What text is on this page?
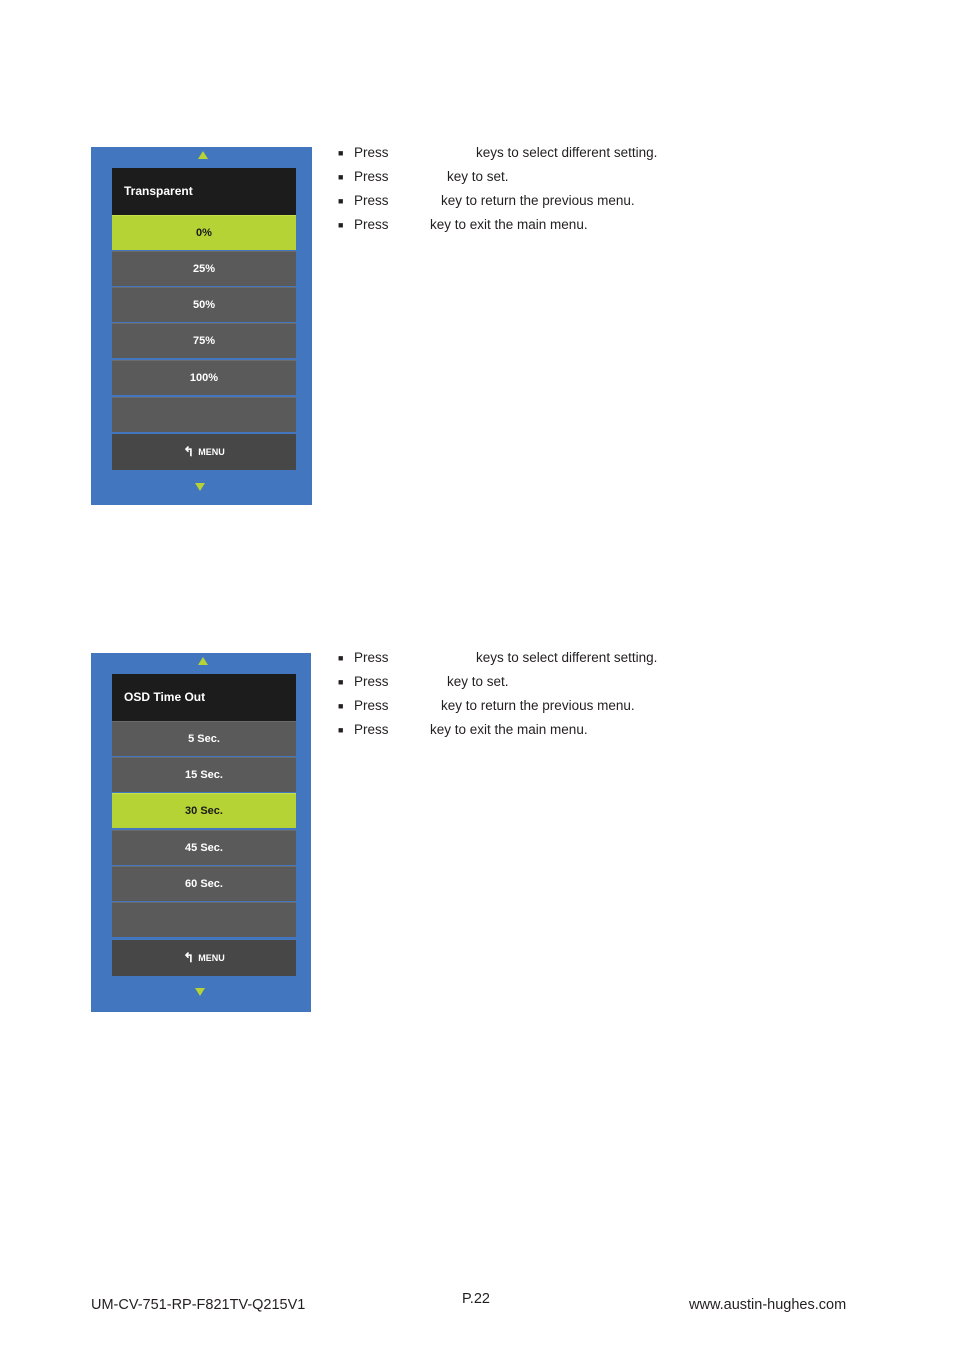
Transparent
0%
25%
50%
75%
100%
↰ MENU
■ Press	keys to select different setting.
■ Press	key to set.
■ Press	key to return the previous menu.
■ Press	key to exit the main menu.
OSD Time Out
5 Sec.
15 Sec.
30 Sec.
45 Sec.
60 Sec.
↰ MENU
■ Press	keys to select different setting.
■ Press	key to set.
■ Press	key to return the previous menu.
■ Press	key to exit the main menu.
UM-CV-751-RP-F821TV-Q215V1	P.22	www.austin-hughes.com
